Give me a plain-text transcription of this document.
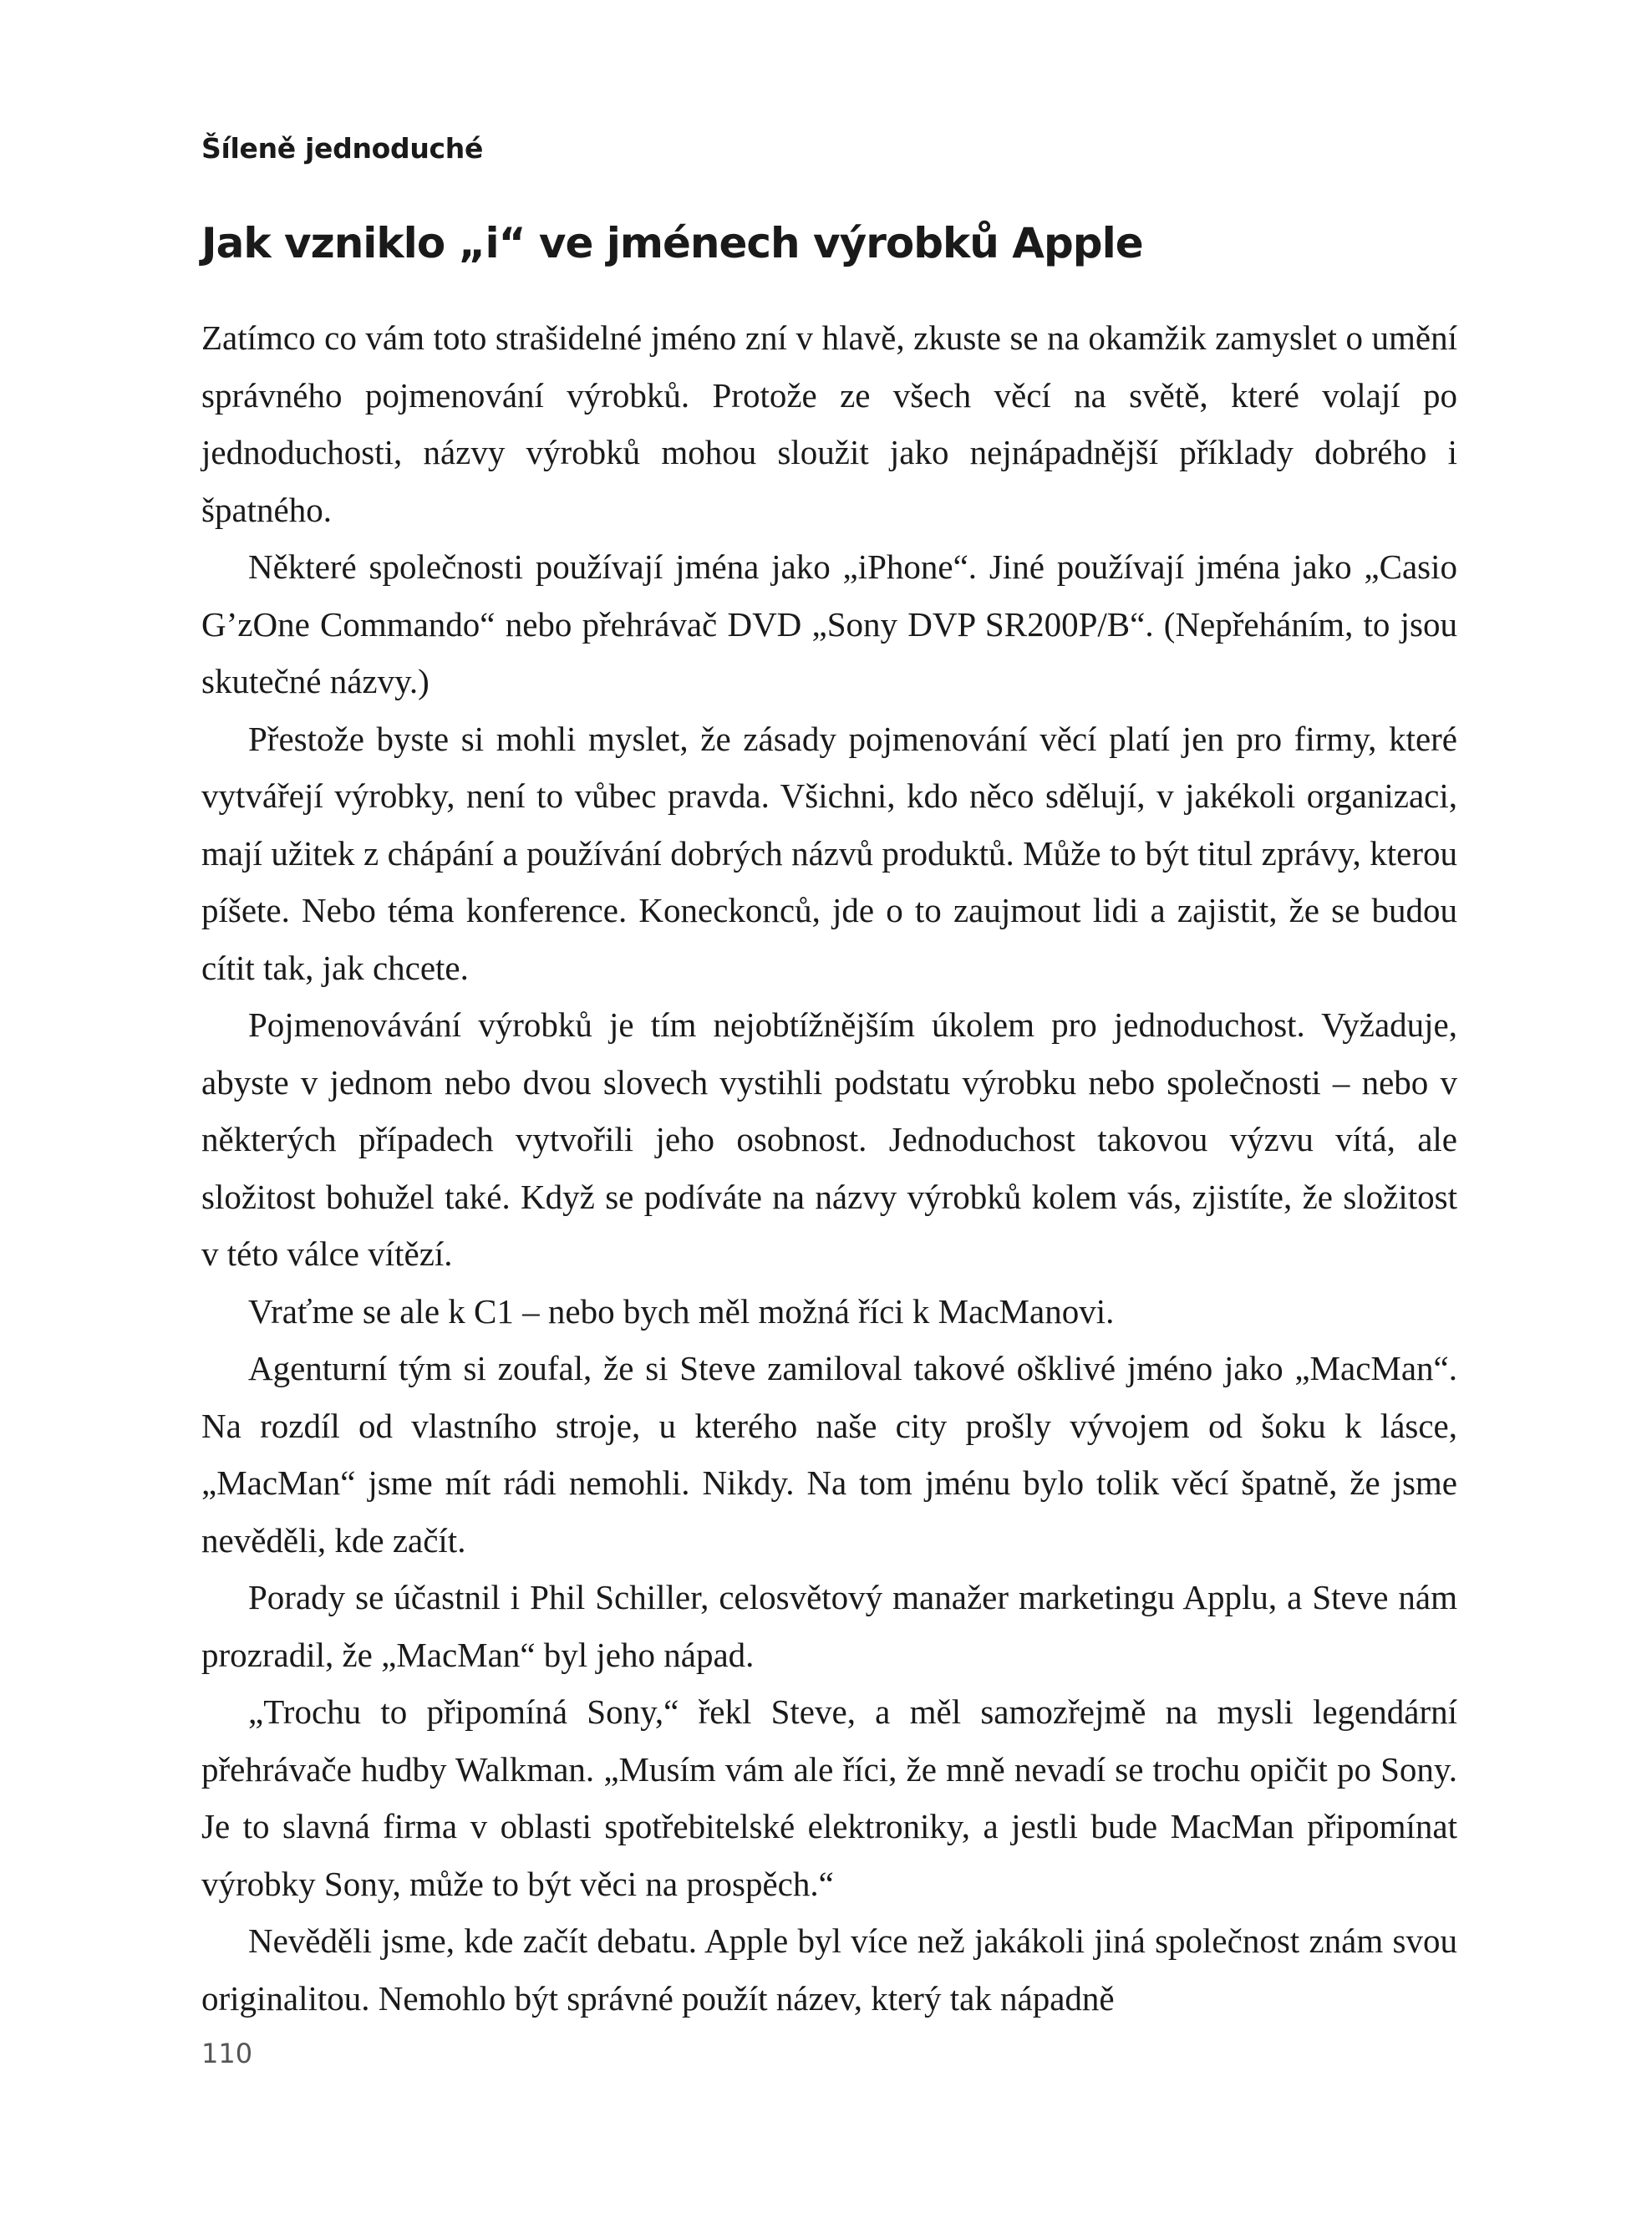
Šíleně jednoduché
Jak vzniklo „i“ ve jménech výrobků Apple

Zatímco co vám toto strašidelné jméno zní v hlavě, zkuste se na okamžik zamyslet o umění správného pojmenování výrobků. Protože ze všech věcí na světě, které volají po jednoduchosti, názvy výrobků mohou sloužit jako nejnápadnější příklady dobrého i špatného.

Některé společnosti používají jména jako „iPhone“. Jiné používají jména jako „Casio G’zOne Commando“ nebo přehrávač DVD „Sony DVP SR200P/B“. (Nepřeháním, to jsou skutečné názvy.)

Přestože byste si mohli myslet, že zásady pojmenování věcí platí jen pro firmy, které vytvářejí výrobky, není to vůbec pravda. Všichni, kdo něco sdělují, v jakékoli organizaci, mají užitek z chápání a používání dobrých názvů produktů. Může to být titul zprávy, kterou píšete. Nebo téma konference. Koneckonců, jde o to zaujmout lidi a zajistit, že se budou cítit tak, jak chcete.

Pojmenovávání výrobků je tím nejobtížnějším úkolem pro jednoduchost. Vyžaduje, abyste v jednom nebo dvou slovech vystihli podstatu výrobku nebo společnosti – nebo v některých případech vytvořili jeho osobnost. Jednoduchost takovou výzvu vítá, ale složitost bohužel také. Když se podíváte na názvy výrobků kolem vás, zjistíte, že složitost v této válce vítězí.

Vraťme se ale k C1 – nebo bych měl možná říci k MacManovi.

Agenturní tým si zoufal, že si Steve zamiloval takové ošklivé jméno jako „MacMan“. Na rozdíl od vlastního stroje, u kterého naše city prošly vývojem od šoku k lásce, „MacMan“ jsme mít rádi nemohli. Nikdy. Na tom jménu bylo tolik věcí špatně, že jsme nevěděli, kde začít.

Porady se účastnil i Phil Schiller, celosvětový manažer marketingu Applu, a Steve nám prozradil, že „MacMan“ byl jeho nápad.

„Trochu to připomíná Sony,“ řekl Steve, a měl samozřejmě na mysli legendární přehrávače hudby Walkman. „Musím vám ale říci, že mně nevadí se trochu opičit po Sony. Je to slavná firma v oblasti spotřebitelské elektroniky, a jestli bude MacMan připomínat výrobky Sony, může to být věci na prospěch.“

Nevěděli jsme, kde začít debatu. Apple byl více než jakákoli jiná společnost znám svou originalitou. Nemohlo být správné použít název, který tak nápadně

110
